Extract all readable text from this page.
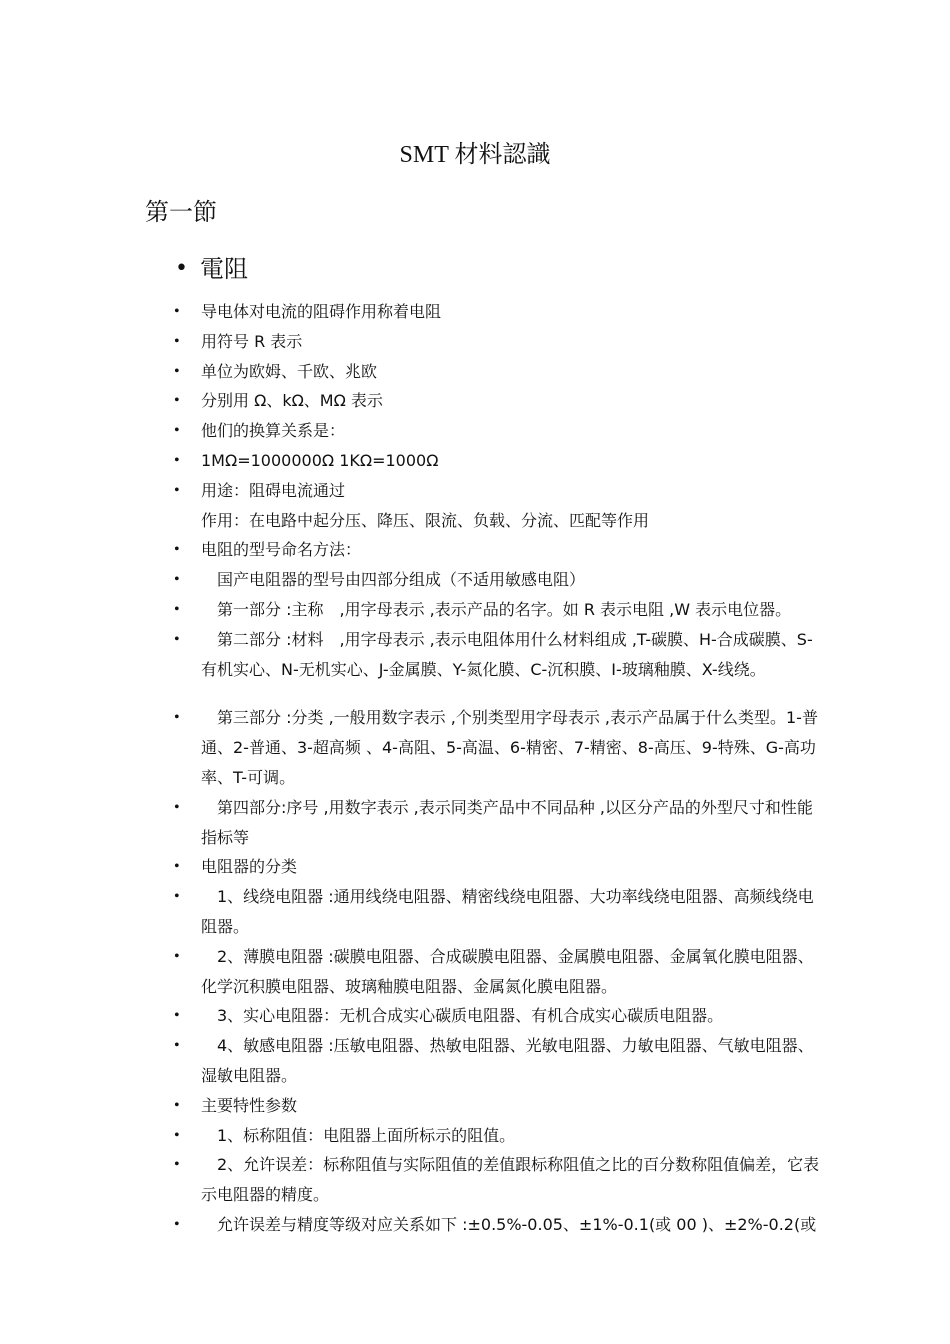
SMT 材料認識
第一節
• 電阻
• 导电体对电流的阻碍作用称着电阻
• 用符号 R 表示
• 单位为欧姆、千欧、兆欧
• 分别用 Ω、kΩ、MΩ 表示
• 他们的换算关系是：
• 1MΩ=1000000Ω 1KΩ=1000Ω
• 用途：阻碍电流通过
作用：在电路中起分压、降压、限流、负载、分流、匹配等作用
• 电阻的型号命名方法：
• 　国产电阻器的型号由四部分组成（不适用敏感电阻）
• 　第一部分 :主称　,用字母表示 ,表示产品的名字。如 R 表示电阻 ,W 表示电位器。
• 　第二部分 :材料　,用字母表示 ,表示电阻体用什么材料组成 ,T-碳膜、H-合成碳膜、S-有机实心、N-无机实心、J-金属膜、Y-氮化膜、C-沉积膜、I-玻璃釉膜、X-线绕。
• 　第三部分 :分类 ,一般用数字表示 ,个别类型用字母表示 ,表示产品属于什么类型。1-普通、2-普通、3-超高频 、4-高阻、5-高温、6-精密、7-精密、8-高压、9-特殊、G-高功率、T-可调。
• 　第四部分:序号 ,用数字表示 ,表示同类产品中不同品种 ,以区分产品的外型尺寸和性能指标等
• 电阻器的分类
• 　1、线绕电阻器 :通用线绕电阻器、精密线绕电阻器、大功率线绕电阻器、高频线绕电阻器。
• 　2、薄膜电阻器 :碳膜电阻器、合成碳膜电阻器、金属膜电阻器、金属氧化膜电阻器、化学沉积膜电阻器、玻璃釉膜电阻器、金属氮化膜电阻器。
• 　3、实心电阻器：无机合成实心碳质电阻器、有机合成实心碳质电阻器。
• 　4、敏感电阻器 :压敏电阻器、热敏电阻器、光敏电阻器、力敏电阻器、气敏电阻器、湿敏电阻器。
• 主要特性参数
• 　1、标称阻值：电阻器上面所标示的阻值。
• 　2、允许误差：标称阻值与实际阻值的差值跟标称阻值之比的百分数称阻值偏差，它表示电阻器的精度。
• 　允许误差与精度等级对应关系如下 :±0.5%-0.05、±1%-0.1(或 00 )、±2%-0.2(或
